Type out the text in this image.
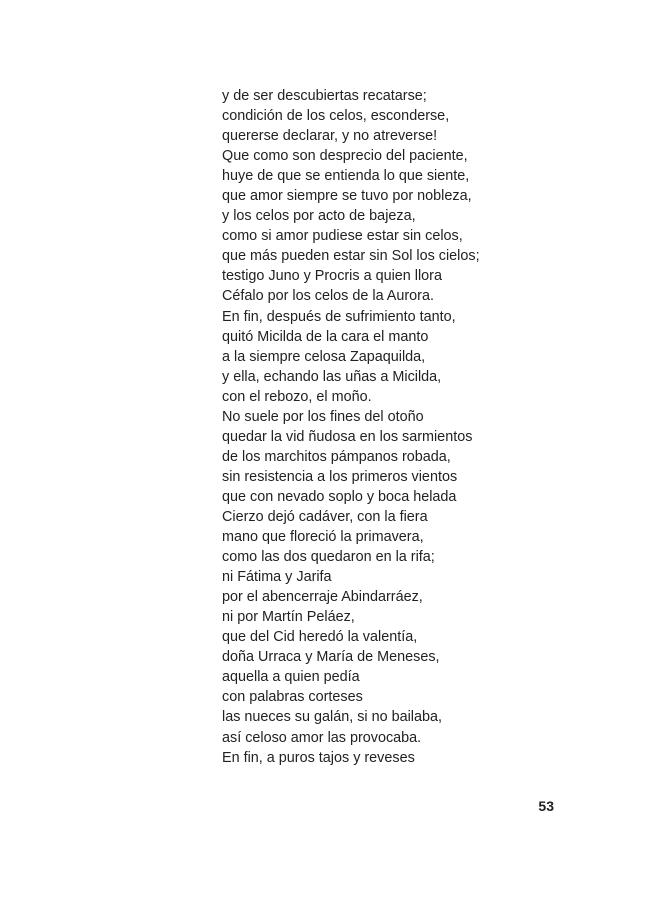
y de ser descubiertas recatarse;
condición de los celos, esconderse,
quererse declarar, y no atreverse!
Que como son desprecio del paciente,
huye de que se entienda lo que siente,
que amor siempre se tuvo por nobleza,
y los celos por acto de bajeza,
como si amor pudiese estar sin celos,
que más pueden estar sin Sol los cielos;
testigo Juno y Procris a quien llora
Céfalo por los celos de la Aurora.
En fin, después de sufrimiento tanto,
quitó Micilda de la cara el manto
a la siempre celosa Zapaquilda,
y ella, echando las uñas a Micilda,
con el rebozo, el moño.
No suele por los fines del otoño
quedar la vid ñudosa en los sarmientos
de los marchitos pámpanos robada,
sin resistencia a los primeros vientos
que con nevado soplo y boca helada
Cierzo dejó cadáver, con la fiera
mano que floreció la primavera,
como las dos quedaron en la rifa;
ni Fátima y Jarifa
por el abencerraje Abindarráez,
ni por Martín Peláez,
que del Cid heredó la valentía,
doña Urraca y María de Meneses,
aquella a quien pedía
con palabras corteses
las nueces su galán, si no bailaba,
así celoso amor las provocaba.
En fin, a puros tajos y reveses
53
